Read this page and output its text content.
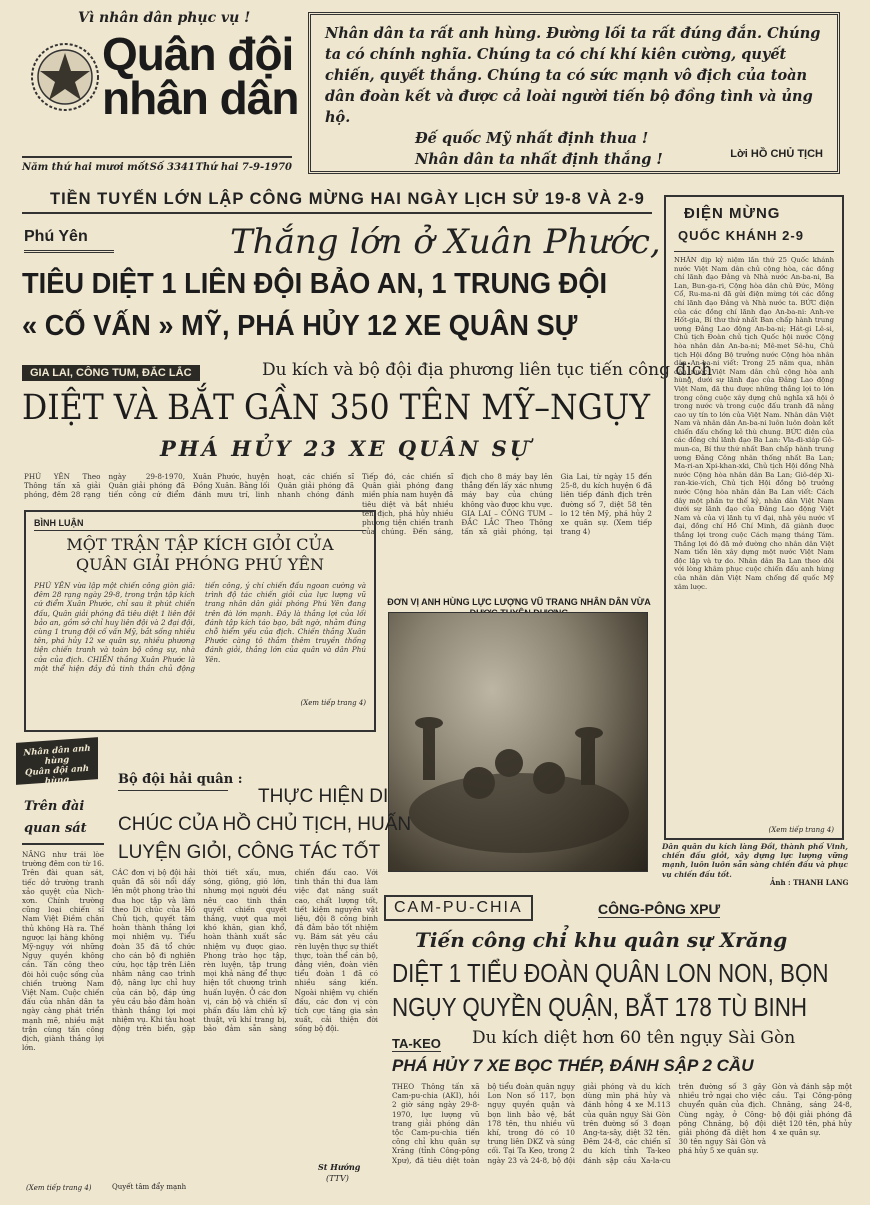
Vì nhân dân phục vụ !
Quân đội
nhân dân
Năm thứ hai mươi mốt Số 3341 Thứ hai 7-9-1970
Nhân dân ta rất anh hùng. Đường lối ta rất đúng đắn. Chúng ta có chính nghĩa. Chúng ta có chí khí kiên cường, quyết chiến, quyết thắng. Chúng ta có sức mạnh vô địch của toàn dân đoàn kết và được cả loài người tiến bộ đồng tình và ủng hộ.
Đế quốc Mỹ nhất định thua !
Nhân dân ta nhất định thắng !	Lời HỒ CHỦ TỊCH
TIỀN TUYẾN LỚN LẬP CÔNG MỪNG HAI NGÀY LỊCH SỬ 19-8 VÀ 2-9
Phú Yên	Thắng lớn ở Xuân Phước,
TIÊU DIỆT 1 LIÊN ĐỘI BẢO AN, 1 TRUNG ĐỘI
« CỐ VẤN » MỸ, PHÁ HỦY 12 XE QUÂN SỰ
GIA LAI, CÔNG TUM, ĐẮC LẮC	Du kích và bộ đội địa phương liên tục tiến công địch
DIỆT VÀ BẮT GẦN 350 TÊN MỸ–NGỤY
PHÁ HỦY 23 XE QUÂN SỰ
PHÚ YÊN Theo Thông tấn xã giải phóng, đêm 28 rạng ngày 29-8-1970, Quân giải phóng đã tiến công cứ điểm Xuân Phước, huyện Đồng Xuân. Bằng lối đánh mưu trí, linh hoạt, các chiến sĩ Quân giải phóng đã nhanh chóng đánh
Tiếp đó, các chiến sĩ Quân giải phóng đang miền phía nam huyện đã tiêu diệt và bắt nhiều tên địch, phá hủy nhiều phương tiện chiến tranh của chúng. Đến sáng, địch cho 8 máy bay lên thẳng đến lấy xác nhưng máy bay của chúng không vào được khu vực. GIA LAI – CÔNG TUM – ĐẮC LẮC Theo Thông tấn xã giải phóng, tại Gia Lai, từ ngày 15 đến 25-8, du kích huyện 6 đã liên tiếp đánh địch trên đường số 7, diệt 58 tên lo 12 tên Mỹ, phá hủy 2 xe quân sự. (Xem tiếp trang 4)
BÌNH LUẬN
MỘT TRẬN TẬP KÍCH GIỎI CỦA
QUÂN GIẢI PHÓNG PHÚ YÊN
PHÚ YÊN vừa lập một chiến công giòn giã: đêm 28 rạng ngày 29-8, trong trận tập kích cứ điểm Xuân Phước, chỉ sau ít phút chiến đấu, Quân giải phóng đã tiêu diệt 1 liên đội bảo an, gồm sở chỉ huy liên đội và 2 đại đội, cùng 1 trung đội cố vấn Mỹ, bắt sống nhiều tên, phá hủy 12 xe quân sự, nhiều phương tiện chiến tranh và toàn bộ công sự, nhà cửa của địch. CHIẾN thắng Xuân Phước là một thể hiện đầy đủ tinh thần chủ động tiến công, ý chí chiến đấu ngoan cường và trình độ tác chiến giỏi của lực lượng vũ trang nhân dân giải phóng Phú Yên đang trên đà lớn mạnh. Đây là thắng lợi của lối đánh tập kích táo bạo, bất ngờ, nhằm đúng chỗ hiểm yếu của địch. Chiến thắng Xuân Phước càng tô thắm thêm truyền thống đánh giỏi, thắng lớn của quân và dân Phú Yên.
(Xem tiếp trang 4)
ĐIỆN MỪNG
QUỐC KHÁNH 2-9
NHÂN dịp kỷ niệm lần thứ 25 Quốc khánh nước Việt Nam dân chủ cộng hòa, các đồng chí lãnh đạo Đảng và Nhà nước An-ba-ni, Ba Lan, Bun-ga-ri, Cộng hòa dân chủ Đức, Mông Cổ, Ru-ma-ni đã gửi điện mừng tới các đồng chí lãnh đạo Đảng và Nhà nước ta. BỨC điện của các đồng chí lãnh đạo An-ba-ni: Anh-ve Hốt-gia, Bí thư thứ nhất Ban chấp hành trung ương Đảng Lao động An-ba-ni; Hát-gi Lê-si, Chủ tịch Đoàn chủ tịch Quốc hội nước Cộng hòa nhân dân An-ba-ni; Mê-met Sê-hu, Chủ tịch Hội đồng Bộ trưởng nước Cộng hòa nhân dân An-ba-ni viết: Trong 25 năm qua, nhân dân nước Việt Nam dân chủ cộng hòa anh hùng, dưới sự lãnh đạo của Đảng Lao động Việt Nam, đã thu được những thắng lợi to lớn trong công cuộc xây dựng chủ nghĩa xã hội ở trong nước và trong cuộc đấu tranh đã nâng cao uy tín to lớn của Việt Nam. Nhân dân Việt Nam và nhân dân An-ba-ni luôn luôn đoàn kết chiến đấu chống kẻ thù chung. BỨC điện của các đồng chí lãnh đạo Ba Lan: Vla-đi-xláp Gô-mun-ca, Bí thư thứ nhất Ban chấp hành trung ương Đảng Công nhân thống nhất Ba Lan; Ma-ri-an Xpi-khan-xki, Chủ tịch Hội đồng Nhà nước Cộng hòa nhân dân Ba Lan; Giô-dép Xi-ran-kie-vích, Chủ tịch Hội đồng bộ trưởng nước Cộng hòa nhân dân Ba Lan viết: Cách đây một phần tư thế kỷ, nhân dân Việt Nam dưới sự lãnh đạo của Đảng Lao động Việt Nam và của vị lãnh tụ vĩ đại, nhà yêu nước vĩ đại, đồng chí Hồ Chí Minh, đã giành được thắng lợi trong cuộc Cách mạng tháng Tám. Thắng lợi đó đã mở đường cho nhân dân Việt Nam tiến lên xây dựng một nước Việt Nam độc lập và tự do. Nhân dân Ba Lan theo dõi với lòng khâm phục cuộc chiến đấu anh hùng của nhân dân Việt Nam chống đế quốc Mỹ xâm lược.
(Xem tiếp trang 4)
ĐƠN VỊ ANH HÙNG LỰC LƯỢNG VŨ TRANG NHÂN DÂN VỪA
Dân quân du kích làng Đồi, thành phố Vinh, chiến đấu giỏi, xây dựng lực lượng vững mạnh, luôn luôn sẵn sàng chiến đấu và phục vụ chiến đấu tốt.
Ảnh : THANH LANG
Nhân dân anh hùng
Quân đội anh hùng
Trên đài
quan sát
NĂNG như trái lòe trường đêm con từ 16. Trên đài quan sát, tiếc dở trường tranh xảo quyệt của Nich-xơn. Chính trường cũng loại chiến sĩ Nam Việt Điềm chân thủ không Hà ra. Thế ngược lại hàng không Mỹ-ngụy với những Ngụy quyền không cần. Tấn công theo đòi hỏi cuộc sống của chiến trường Nam Việt Nam. Cuộc chiến đấu của nhân dân ta ngày càng phát triển mạnh mẽ, nhiều mặt trận cùng tấn công địch, giành thắng lợi lớn.
(Xem tiếp trang 4)
Bộ đội hải quân :
THỰC HIỆN DI
CHÚC CỦA HỒ CHỦ TỊCH, HUẤN
LUYỆN GIỎI, CÔNG TÁC TỐT
CÁC đơn vị bộ đội hải quân đã sôi nổi dấy lên một phong trào thi đua học tập và làm theo Di chúc của Hồ Chủ tịch, quyết tâm hoàn thành thắng lợi mọi nhiệm vụ. Tiểu đoàn 35 đã tổ chức cho cán bộ đi nghiên cứu, học tập trên Liên nhâm nâng cao trình độ, nâng lực chỉ huy của cán bộ, đáp ứng yêu cầu bảo đảm hoàn thành thắng lợi mọi nhiệm vụ. Khi tàu hoạt động trên biển, gặp thời tiết xấu, mưa, sóng, giông, gió lớn, nhưng mọi người đều nêu cao tinh thần quyết chiến quyết thắng, vượt qua mọi khó khăn, gian khổ, hoàn thành xuất sắc nhiệm vụ được giao. Phong trào học tập, rèn luyện, tập trung mọi khả năng để thực hiện tốt chương trình huấn luyện. Ở các đơn vị, cán bộ và chiến sĩ phấn đấu làm chủ kỹ thuật, vũ khí trang bị, bảo đảm sẵn sàng chiến đấu cao. Với tinh thần thi đua làm việc đạt năng suất cao, chất lượng tốt, tiết kiệm nguyên vật liệu, đội 8 công binh đã đảm bảo tốt nhiệm vụ. Bám sát yêu cầu rèn luyện thực sự thiết thực, toàn thể cán bộ, đảng viên, đoàn viên tiểu đoàn 1 đã có nhiều sáng kiến. Ngoài nhiệm vụ chiến đấu, các đơn vị còn tích cực tăng gia sản xuất, cải thiện đời sống bộ đội.
Quyết tâm đẩy mạnh
St Hướng
(TTV)
CAM-PU-CHIA	CÔNG-PÔNG XPƯ
Tiến công chỉ khu quân sự Xrăng
DIỆT 1 TIỂU ĐOÀN QUÂN LON NON, BỌN
NGỤY QUYỀN QUẬN, BẮT 178 TÙ BINH
TA-KEO Du kích diệt hơn 60 tên ngụy Sài Gòn
PHÁ HỦY 7 XE BỌC THÉP, ĐÁNH SẬP 2 CẦU
THEO Thông tấn xã Cam-pu-chia (AKI), hồi 2 giờ sáng ngày 29-8-1970, lực lượng vũ trang giải phóng dân tộc Cam-pu-chia tiến công chỉ khu quân sự Xrăng (tỉnh Công-pông Xpư), đã tiêu diệt toàn bộ tiểu đoàn quân ngụy Lon Non số 117, bọn ngụy quyền quận và bọn linh bảo vệ, bắt 178 tên, thu nhiều vũ khí, trong đó có 10 trung liên DKZ và súng cối. Tại Ta Keo, trong 2 ngày 23 và 24-8, bộ đội giải phóng và du kích dùng mìn phá hủy và đánh hỏng 4 xe M.113 của quân ngụy Sài Gòn trên đường số 3 đoạn Ang-ta-sây, diệt 32 tên. Đêm 24-8, các chiến sĩ du kích tỉnh Ta-keo đánh sập cầu Xa-la-cu trên đường số 3 gây nhiều trở ngại cho việc chuyển quân của địch. Cùng ngày, ở Công-pông Chnăng, bộ đội giải phóng đã diệt hơn 30 tên ngụy Sài Gòn và phá hủy 5 xe quân sự.
Gòn và đánh sập một cầu. Tại Công-pông Chnăng, sáng 24-8, bộ đội giải phóng đã diệt 120 tên, phá hủy 4 xe quân sự.
